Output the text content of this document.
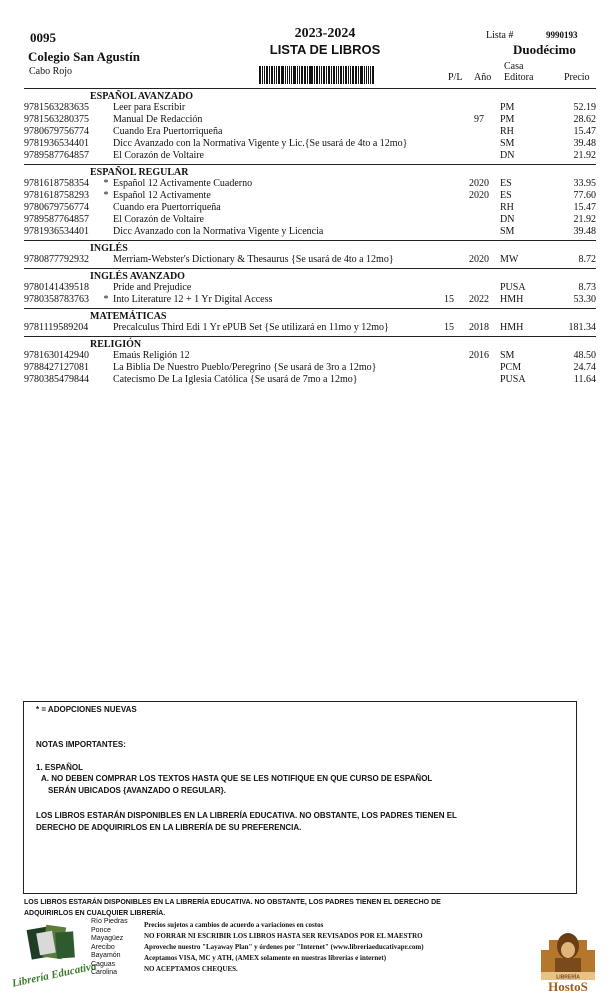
0095
Colegio San Agustín
Cabo Rojo
2023-2024
LISTA DE LIBROS
Lista #	9990193
Duodécimo
P/L Año
Casa
Editora	Precio
ESPAÑOL AVANZADO
9781563283635	Leer para Escribir	PM	52.19
9781563280375	Manual De Redacción	97	PM	28.62
9780679756774	Cuando Era Puertorriqueña	RH	15.47
9781936534401	Dicc Avanzado con la Normativa Vigente y Lic.{Se usará de 4to a 12mo}	SM	39.48
9789587764857	El Corazón de Voltaire	DN	21.92
ESPAÑOL REGULAR
9781618758354	* Español 12 Activamente Cuaderno	2020	ES	33.95
9781618758293	* Español 12 Activamente	2020	ES	77.60
9780679756774	Cuando era Puertorriqueña	RH	15.47
9789587764857	El Corazón de Voltaire	DN	21.92
9781936534401	Dicc Avanzado con la Normativa Vigente y Licencia	SM	39.48
INGLÉS
9780877792932	Merriam-Webster's Dictionary & Thesaurus {Se usará de 4to a 12mo}	2020	MW	8.72
INGLÉS AVANZADO
9780141439518	Pride and Prejudice	PUSA	8.73
9780358783763	* Into Literature 12 + 1 Yr Digital Access	15	2022	HMH	53.30
MATEMÁTICAS
9781119589204	Precalculus Third Edi 1 Yr ePUB Set {Se utilizará en 11mo y 12mo}	15	2018	HMH	181.34
RELIGIÓN
9781630142940	Emaús Religión 12	2016	SM	48.50
9788427127081	La Biblia De Nuestro Pueblo/Peregrino {Se usará de 3ro a 12mo}	PCM	24.74
9780385479844	Catecismo De La Iglesia Católica {Se usará de 7mo a 12mo}	PUSA	11.64
* = ADOPCIONES NUEVAS
NOTAS IMPORTANTES:
1. ESPAÑOL
A. NO DEBEN COMPRAR LOS TEXTOS HASTA QUE SE LES NOTIFIQUE EN QUE CURSO DE ESPAÑOL
SERÁN UBICADOS {AVANZADO O REGULAR}.
LOS LIBROS ESTARÁN DISPONIBLES EN LA LIBRERÍA EDUCATIVA. NO OBSTANTE, LOS PADRES TIENEN EL
DERECHO DE ADQUIRIRLOS EN LA LIBRERÍA DE SU PREFERENCIA.
LOS LIBROS ESTARÁN DISPONIBLES EN LA LIBRERÍA EDUCATIVA. NO OBSTANTE, LOS PADRES TIENEN EL DERECHO DE
ADQUIRIRLOS EN CUALQUIER LIBRERÍA.
Librería Educativa
Río Piedras
Ponce
Mayagüez
Arecibo
Bayamón
Caguas
Carolina
Precios sujetos a cambios de acuerdo a variaciones en costos
NO FORRAR NI ESCRIBIR LOS LIBROS HASTA SER REVISADOS POR EL MAESTRO
Aproveche nuestro "Layaway Plan" y órdenes por "Internet" (www.libreriaeducativapr.com)
Aceptamos VISA, MC y ATH, (AMEX solamente en nuestras librerías e internet)
NO ACEPTAMOS CHEQUES.
LIBRERÍA
HostoS
